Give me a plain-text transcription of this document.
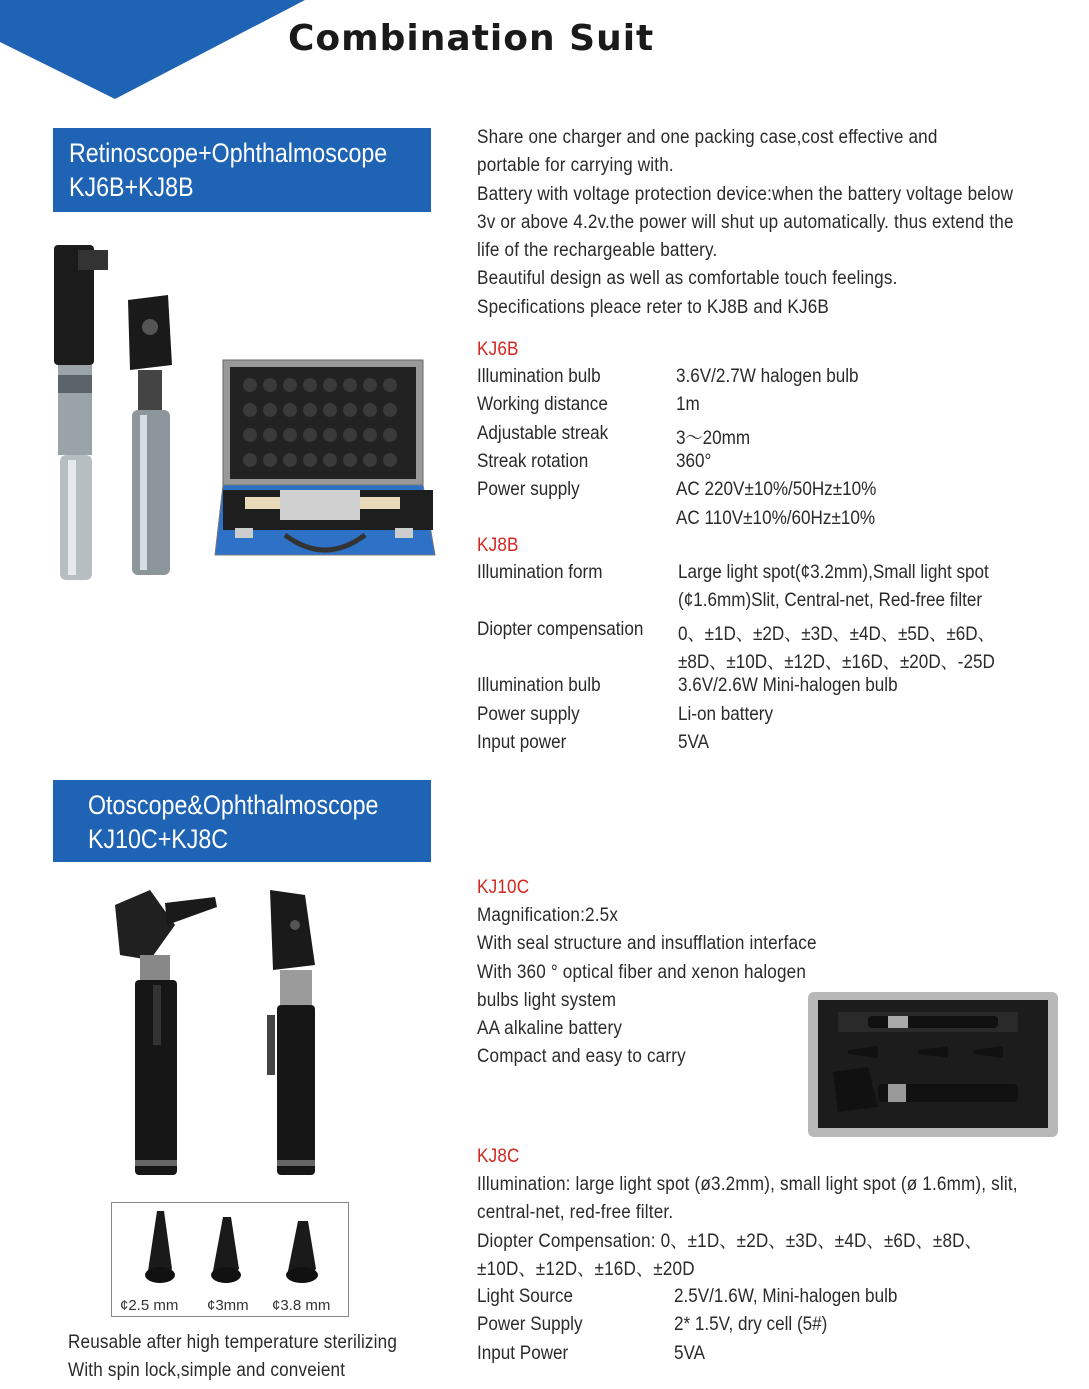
Combination Suit
Retinoscope+Ophthalmoscope
KJ6B+KJ8B
Share one charger and one packing case,cost effective and
portable for carrying with.
Battery with voltage protection device:when the battery voltage below
3v or above 4.2v.the power will shut up automatically. thus extend the
life of the rechargeable battery.
Beautiful design as well as comfortable touch feelings.
Specifications pleace reter to KJ8B and KJ6B
KJ6B
Illumination bulb	3.6V/2.7W halogen bulb
Working distance	1m
Adjustable streak	3～20mm
Streak rotation	360°
Power supply	AC 220V±10%/50Hz±10%
AC 110V±10%/60Hz±10%
KJ8B
Illumination form	Large light spot(¢3.2mm),Small light spot
(¢1.6mm)Slit, Central-net, Red-free filter
Diopter compensation 0、±1D、±2D、±3D、±4D、±5D、±6D、
±8D、±10D、±12D、±16D、±20D、-25D
Illumination bulb	3.6V/2.6W Mini-halogen bulb
Power supply	Li-on battery
Input power	5VA
Otoscope&Ophthalmoscope
KJ10C+KJ8C
KJ10C
Magnification:2.5x
With seal structure and insufflation interface
With 360 ° optical fiber and xenon halogen
bulbs light system
AA alkaline battery
Compact and easy to carry
KJ8C
Illumination: large light spot (ø3.2mm), small light spot (ø 1.6mm), slit,
central-net, red-free filter.
Diopter Compensation: 0、±1D、±2D、±3D、±4D、±6D、±8D、
±10D、±12D、±16D、±20D
Light Source	2.5V/1.6W, Mini-halogen bulb
Power Supply	2* 1.5V, dry cell (5#)
Input Power	5VA
¢2.5 mm ¢3mm ¢3.8 mm
Reusable after high temperature sterilizing
With spin lock,simple and conveient
